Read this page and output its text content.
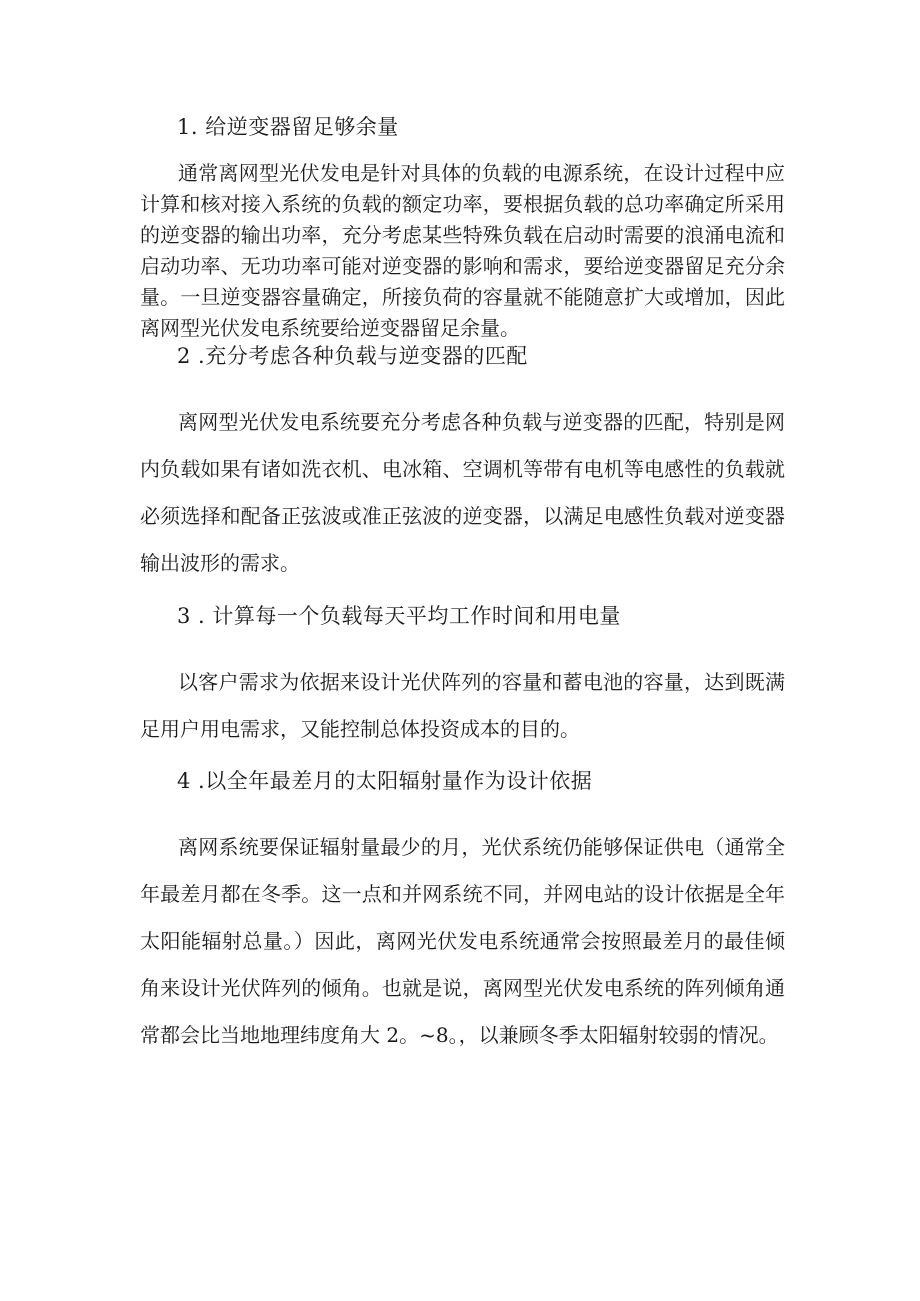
1. 给逆变器留足够余量

通常离网型光伏发电是针对具体的负载的电源系统，在设计过程中应计算和核对接入系统的负载的额定功率，要根据负载的总功率确定所采用的逆变器的输出功率，充分考虑某些特殊负载在启动时需要的浪涌电流和启动功率、无功功率可能对逆变器的影响和需求，要给逆变器留足充分余量。一旦逆变器容量确定，所接负荷的容量就不能随意扩大或增加，因此离网型光伏发电系统要给逆变器留足余量。

2 .充分考虑各种负载与逆变器的匹配

离网型光伏发电系统要充分考虑各种负载与逆变器的匹配，特别是网内负载如果有诸如洗衣机、电冰箱、空调机等带有电机等电感性的负载就必须选择和配备正弦波或准正弦波的逆变器，以满足电感性负载对逆变器输出波形的需求。

3 . 计算每一个负载每天平均工作时间和用电量

以客户需求为依据来设计光伏阵列的容量和蓄电池的容量，达到既满足用户用电需求，又能控制总体投资成本的目的。

4 .以全年最差月的太阳辐射量作为设计依据

离网系统要保证辐射量最少的月，光伏系统仍能够保证供电（通常全年最差月都在冬季。这一点和并网系统不同，并网电站的设计依据是全年太阳能辐射总量。）因此，离网光伏发电系统通常会按照最差月的最佳倾角来设计光伏阵列的倾角。也就是说，离网型光伏发电系统的阵列倾角通常都会比当地地理纬度角大 2。~8。，以兼顾冬季太阳辐射较弱的情况。
